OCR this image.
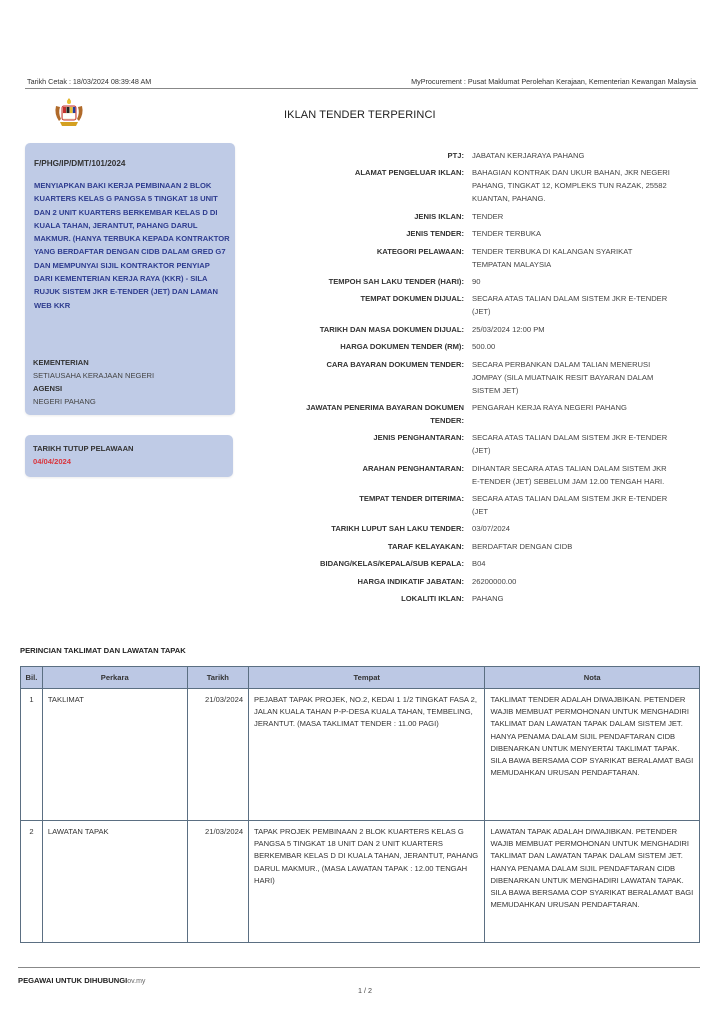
Tarikh Cetak : 18/03/2024 08:39:48 AM	MyProcurement : Pusat Maklumat Perolehan Kerajaan, Kementerian Kewangan Malaysia
IKLAN TENDER TERPERINCI
F/PHG/IP/DMT/101/2024
MENYIAPKAN BAKI KERJA PEMBINAAN 2 BLOK KUARTERS KELAS G PANGSA 5 TINGKAT 18 UNIT DAN 2 UNIT KUARTERS BERKEMBAR KELAS D DI KUALA TAHAN, JERANTUT, PAHANG DARUL MAKMUR. (HANYA TERBUKA KEPADA KONTRAKTOR YANG BERDAFTAR DENGAN CIDB DALAM GRED G7 DAN MEMPUNYAI SIJIL KONTRAKTOR PENYIAP DARI KEMENTERIAN KERJA RAYA (KKR) - SILA RUJUK SISTEM JKR E-TENDER (JET) DAN LAMAN WEB KKR
KEMENTERIAN
SETIAUSAHA KERAJAAN NEGERI
AGENSI
NEGERI PAHANG
TARIKH TUTUP PELAWAAN
04/04/2024
PTJ:	JABATAN KERJARAYA PAHANG
ALAMAT PENGELUAR IKLAN:	BAHAGIAN KONTRAK DAN UKUR BAHAN, JKR NEGERI PAHANG, TINGKAT 12, KOMPLEKS TUN RAZAK, 25582 KUANTAN, PAHANG.
JENIS IKLAN:	TENDER
JENIS TENDER:	TENDER TERBUKA
KATEGORI PELAWAAN:	TENDER TERBUKA DI KALANGAN SYARIKAT TEMPATAN MALAYSIA
TEMPOH SAH LAKU TENDER (HARI):	90
TEMPAT DOKUMEN DIJUAL:	SECARA ATAS TALIAN DALAM SISTEM JKR E-TENDER (JET)
TARIKH DAN MASA DOKUMEN DIJUAL:	25/03/2024 12:00 PM
HARGA DOKUMEN TENDER (RM):	500.00
CARA BAYARAN DOKUMEN TENDER:	SECARA PERBANKAN DALAM TALIAN MENERUSI JOMPAY (SILA MUATNAIK RESIT BAYARAN DALAM SISTEM JET)
JAWATAN PENERIMA BAYARAN DOKUMEN TENDER:
PENGARAH KERJA RAYA NEGERI PAHANG
JENIS PENGHANTARAN:	SECARA ATAS TALIAN DALAM SISTEM JKR E-TENDER (JET)
ARAHAN PENGHANTARAN:	DIHANTAR SECARA ATAS TALIAN DALAM SISTEM JKR E-TENDER (JET) SEBELUM JAM 12.00 TENGAH HARI.
TEMPAT TENDER DITERIMA:	SECARA ATAS TALIAN DALAM SISTEM JKR E-TENDER (JET
TARIKH LUPUT SAH LAKU TENDER:	03/07/2024
TARAF KELAYAKAN:	BERDAFTAR DENGAN CIDB
BIDANG/KELAS/KEPALA/SUB KEPALA:	B04
HARGA INDIKATIF JABATAN:	26200000.00
LOKALITI IKLAN:	PAHANG
PERINCIAN TAKLIMAT DAN LAWATAN TAPAK
Bil.	Perkara	Tarikh	Tempat	Nota
1	TAKLIMAT	21/03/2024	PEJABAT TAPAK PROJEK, NO.2, KEDAI 1 1/2 TINGKAT FASA 2, JALAN KUALA TAHAN P-P-DESA KUALA TAHAN, TEMBELING, JERANTUT. (MASA TAKLIMAT TENDER : 11.00 PAGI)	TAKLIMAT TENDER ADALAH DIWAJBIKAN. PETENDER WAJIB MEMBUAT PERMOHONAN UNTUK MENGHADIRI TAKLIMAT DAN LAWATAN TAPAK DALAM SISTEM JET. HANYA PENAMA DALAM SIJIL PENDAFTARAN CIDB DIBENARKAN UNTUK MENYERTAI TAKLIMAT TAPAK. SILA BAWA BERSAMA COP SYARIKAT BERALAMAT BAGI MEMUDAHKAN URUSAN PENDAFTARAN.
2	LAWATAN TAPAK	21/03/2024	TAPAK PROJEK PEMBINAAN 2 BLOK KUARTERS KELAS G PANGSA 5 TINGKAT 18 UNIT DAN 2 UNIT KUARTERS BERKEMBAR KELAS D DI KUALA TAHAN, JERANTUT, PAHANG DARUL MAKMUR., (MASA LAWATAN TAPAK : 12.00 TENGAH HARI)	LAWATAN TAPAK ADALAH DIWAJIBKAN. PETENDER WAJIB MEMBUAT PERMOHONAN UNTUK MENGHADIRI TAKLIMAT DAN LAWATAN TAPAK DALAM SISTEM JET. HANYA PENAMA DALAM SIJIL PENDAFTARAN CIDB DIBENARKAN UNTUK MENGHADIRI LAWATAN TAPAK. SILA BAWA BERSAMA COP SYARIKAT BERALAMAT BAGI MEMUDAHKAN URUSAN PENDAFTARAN.
PEGAWAI UNTUK DIHUBUNGIov.my
1 / 2
